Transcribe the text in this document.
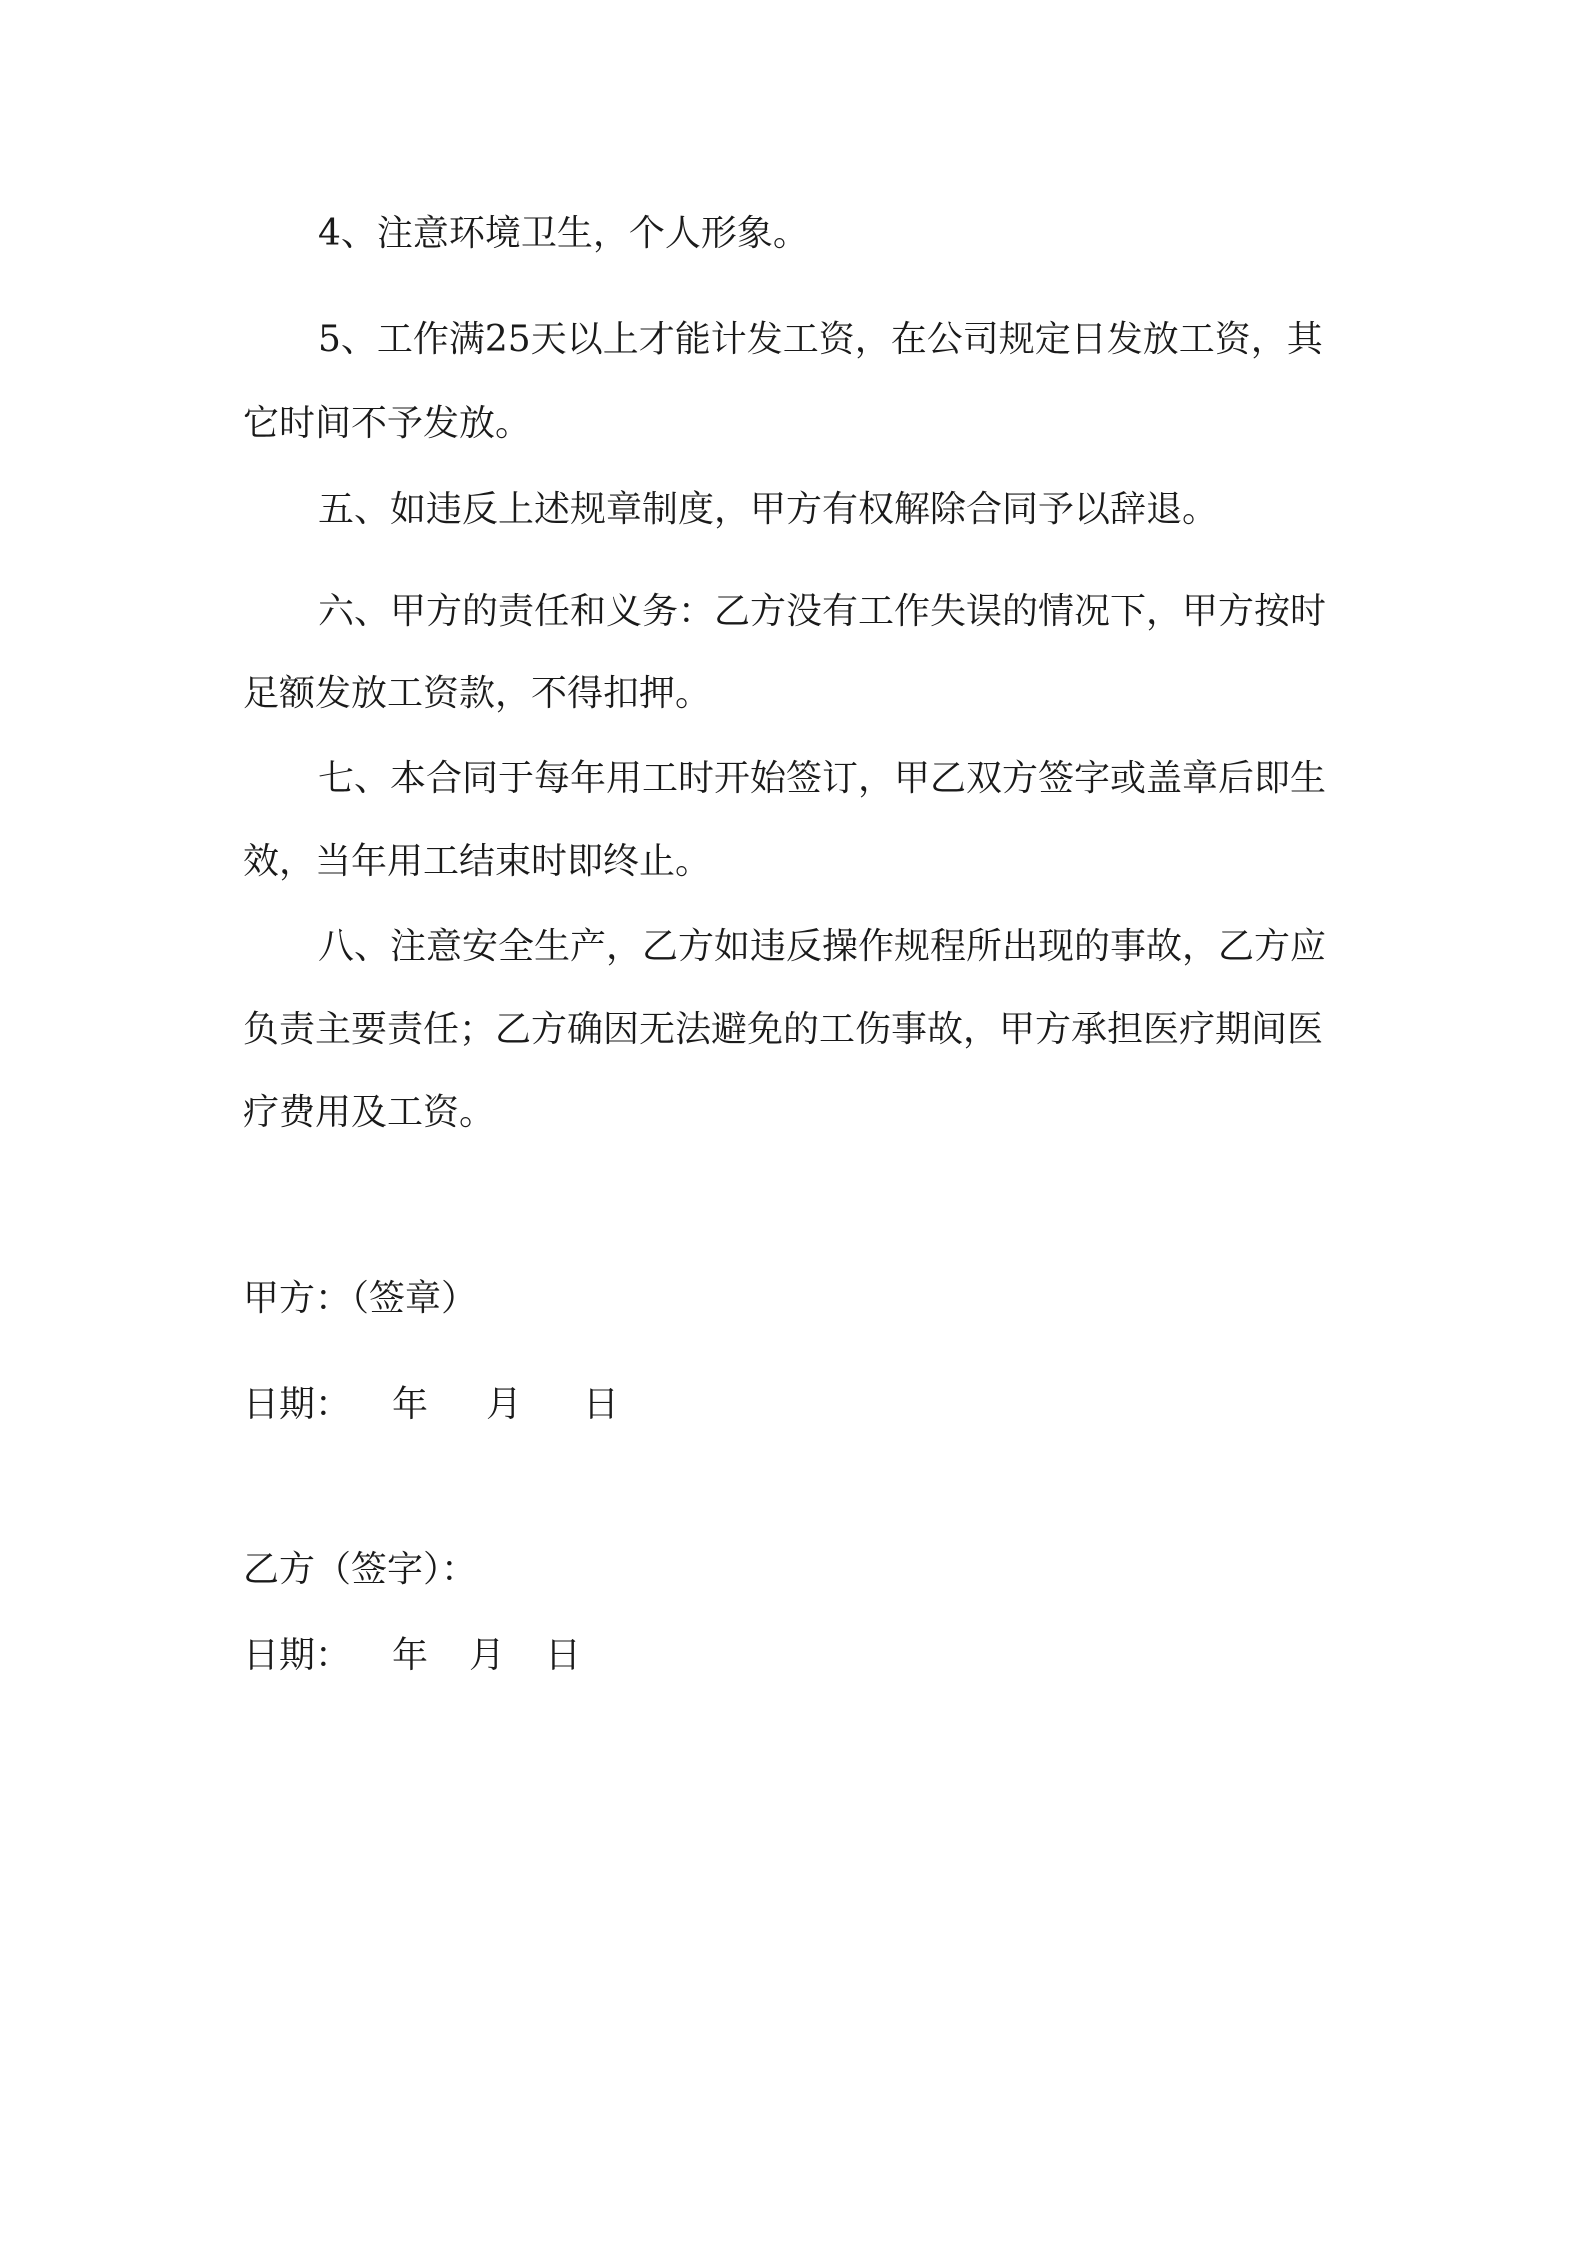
4、注意环境卫生，个人形象。

5、工作满25天以上才能计发工资，在公司规定日发放工资，其

它时间不予发放。

五、如违反上述规章制度，甲方有权解除合同予以辞退。

六、甲方的责任和义务：乙方没有工作失误的情况下，甲方按时

足额发放工资款，不得扣押。

七、本合同于每年用工时开始签订，甲乙双方签字或盖章后即生

效，当年用工结束时即终止。

八、注意安全生产，乙方如违反操作规程所出现的事故，乙方应

负责主要责任；乙方确因无法避免的工伤事故，甲方承担医疗期间医

疗费用及工资。

甲方：（签章）

日期： 年 月 日

乙方（签字）：

日期： 年 月 日
